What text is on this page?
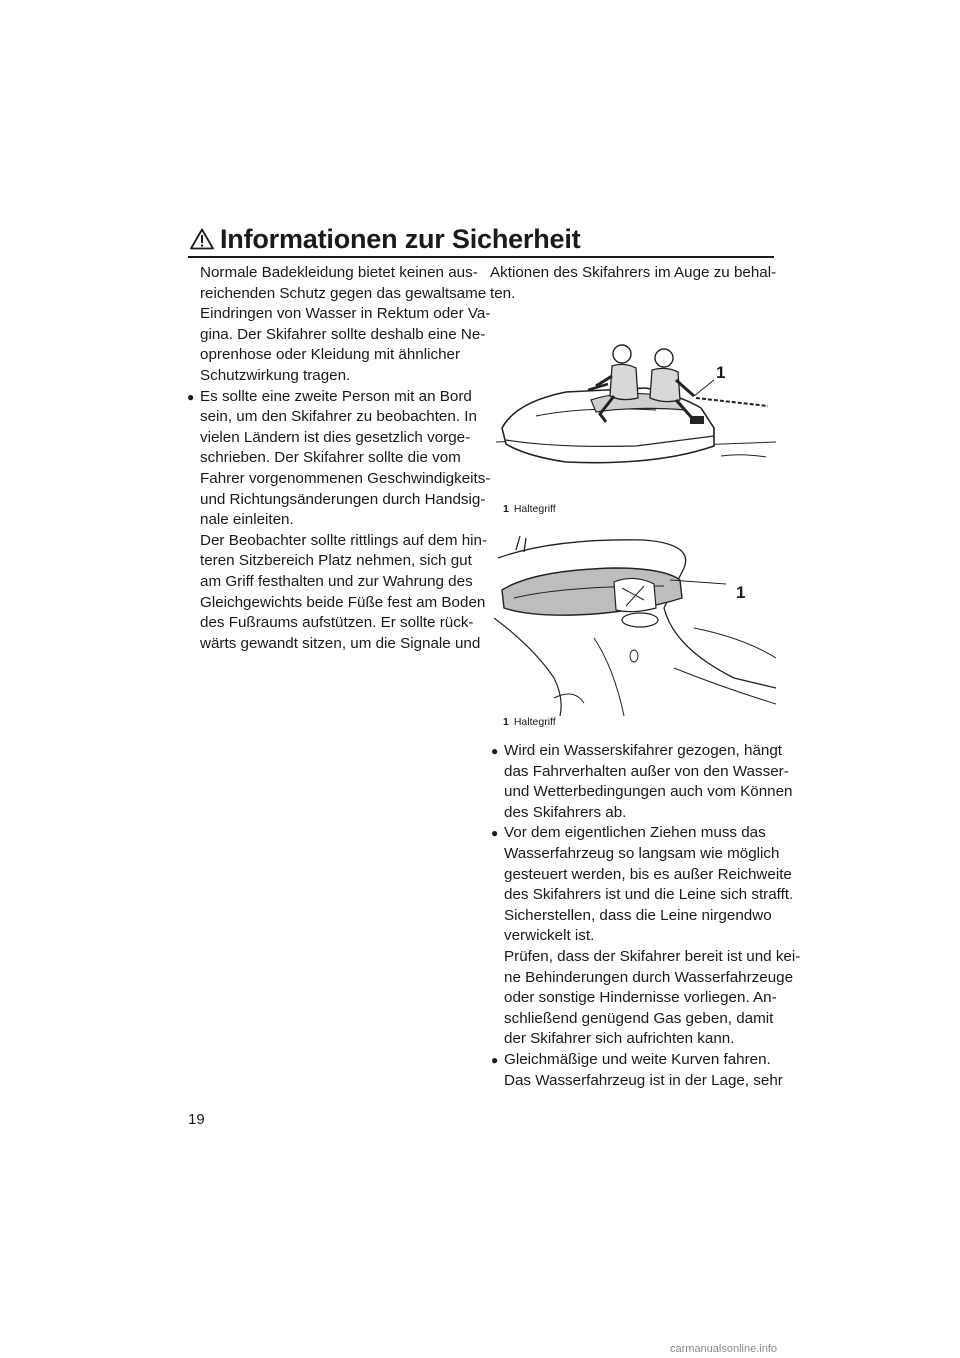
Informationen zur Sicherheit
Normale Badekleidung bietet keinen aus-
reichenden Schutz gegen das gewaltsame
Eindringen von Wasser in Rektum oder Va-
gina. Der Skifahrer sollte deshalb eine Ne-
oprenhose oder Kleidung mit ähnlicher
Schutzwirkung tragen.
● Es sollte eine zweite Person mit an Bord
sein, um den Skifahrer zu beobachten. In
vielen Ländern ist dies gesetzlich vorge-
schrieben. Der Skifahrer sollte die vom
Fahrer vorgenommenen Geschwindigkeits-
und Richtungsänderungen durch Handsig-
nale einleiten.
Der Beobachter sollte rittlings auf dem hin-
teren Sitzbereich Platz nehmen, sich gut
am Griff festhalten und zur Wahrung des
Gleichgewichts beide Füße fest am Boden
des Fußraums aufstützen. Er sollte rück-
wärts gewandt sitzen, um die Signale und
Aktionen des Skifahrers im Auge zu behal-
ten.
1
1 Haltegriff
1
1 Haltegriff
● Wird ein Wasserskifahrer gezogen, hängt
das Fahrverhalten außer von den Wasser-
und Wetterbedingungen auch vom Können
des Skifahrers ab.
● Vor dem eigentlichen Ziehen muss das
Wasserfahrzeug so langsam wie möglich
gesteuert werden, bis es außer Reichweite
des Skifahrers ist und die Leine sich strafft.
Sicherstellen, dass die Leine nirgendwo
verwickelt ist.
Prüfen, dass der Skifahrer bereit ist und kei-
ne Behinderungen durch Wasserfahrzeuge
oder sonstige Hindernisse vorliegen. An-
schließend genügend Gas geben, damit
der Skifahrer sich aufrichten kann.
● Gleichmäßige und weite Kurven fahren.
Das Wasserfahrzeug ist in der Lage, sehr
19
carmanualsonline.info
